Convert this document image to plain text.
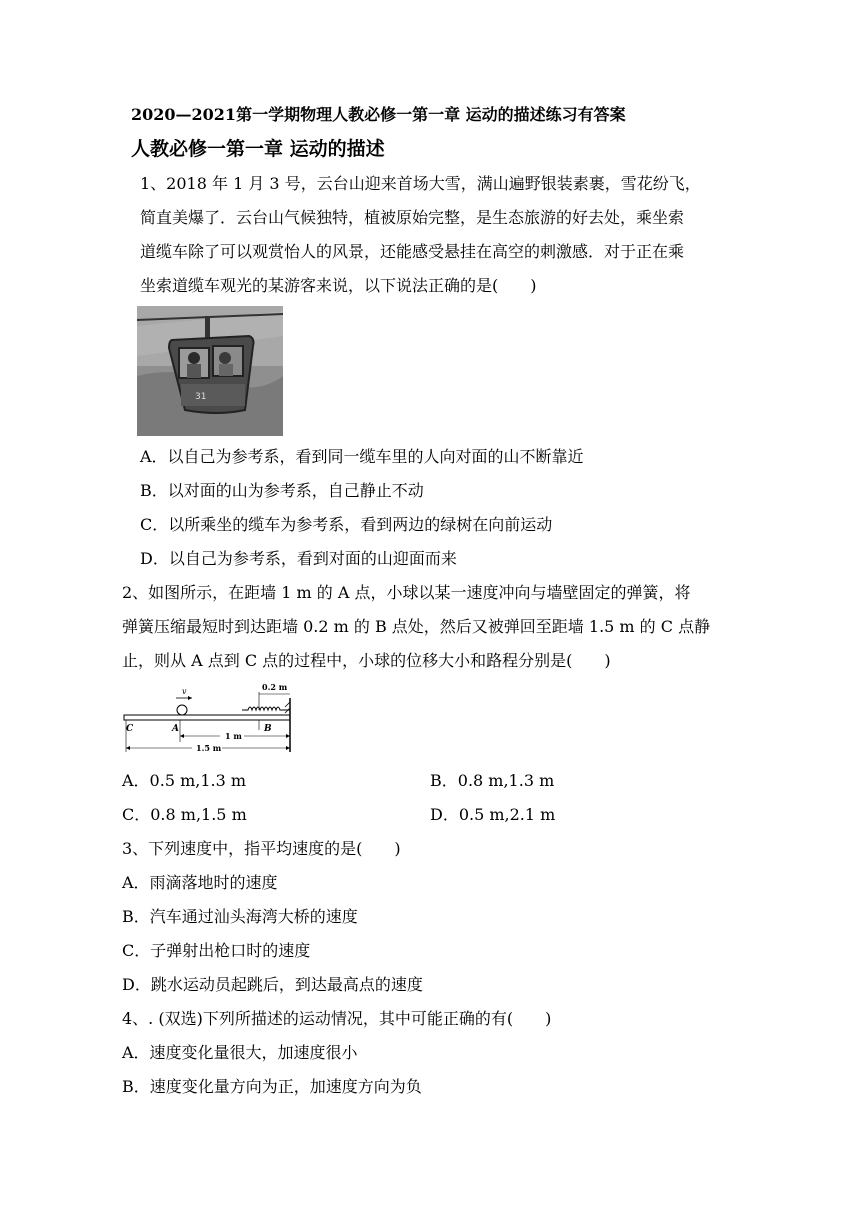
2020—2021第一学期物理人教必修一第一章 运动的描述练习有答案
人教必修一第一章 运动的描述
1、2018 年 1 月 3 号，云台山迎来首场大雪，满山遍野银装素裹，雪花纷飞，
简直美爆了．云台山气候独特，植被原始完整，是生态旅游的好去处，乘坐索
道缆车除了可以观赏怡人的风景，还能感受悬挂在高空的刺激感．对于正在乘
坐索道缆车观光的某游客来说，以下说法正确的是(　　)
31
A．以自己为参考系，看到同一缆车里的人向对面的山不断靠近
B．以对面的山为参考系，自己静止不动
C．以所乘坐的缆车为参考系，看到两边的绿树在向前运动
D．以自己为参考系，看到对面的山迎面而来
2、如图所示，在距墙 1 m 的 A 点，小球以某一速度冲向与墙壁固定的弹簧，将
弹簧压缩最短时到达距墙 0.2 m 的 B 点处，然后又被弹回至距墙 1.5 m 的 C 点静
止，则从 A 点到 C 点的过程中，小球的位移大小和路程分别是(　　)
v	0.2 m
C	A	B
1 m
1.5 m
A．0.5 m,1.3 m	B．0.8 m,1.3 m
C．0.8 m,1.5 m	D．0.5 m,2.1 m
3、下列速度中，指平均速度的是(　　)
A．雨滴落地时的速度
B．汽车通过汕头海湾大桥的速度
C．子弹射出枪口时的速度
D．跳水运动员起跳后，到达最高点的速度
4、. (双选)下列所描述的运动情况，其中可能正确的有(　　)
A．速度变化量很大，加速度很小
B．速度变化量方向为正，加速度方向为负
